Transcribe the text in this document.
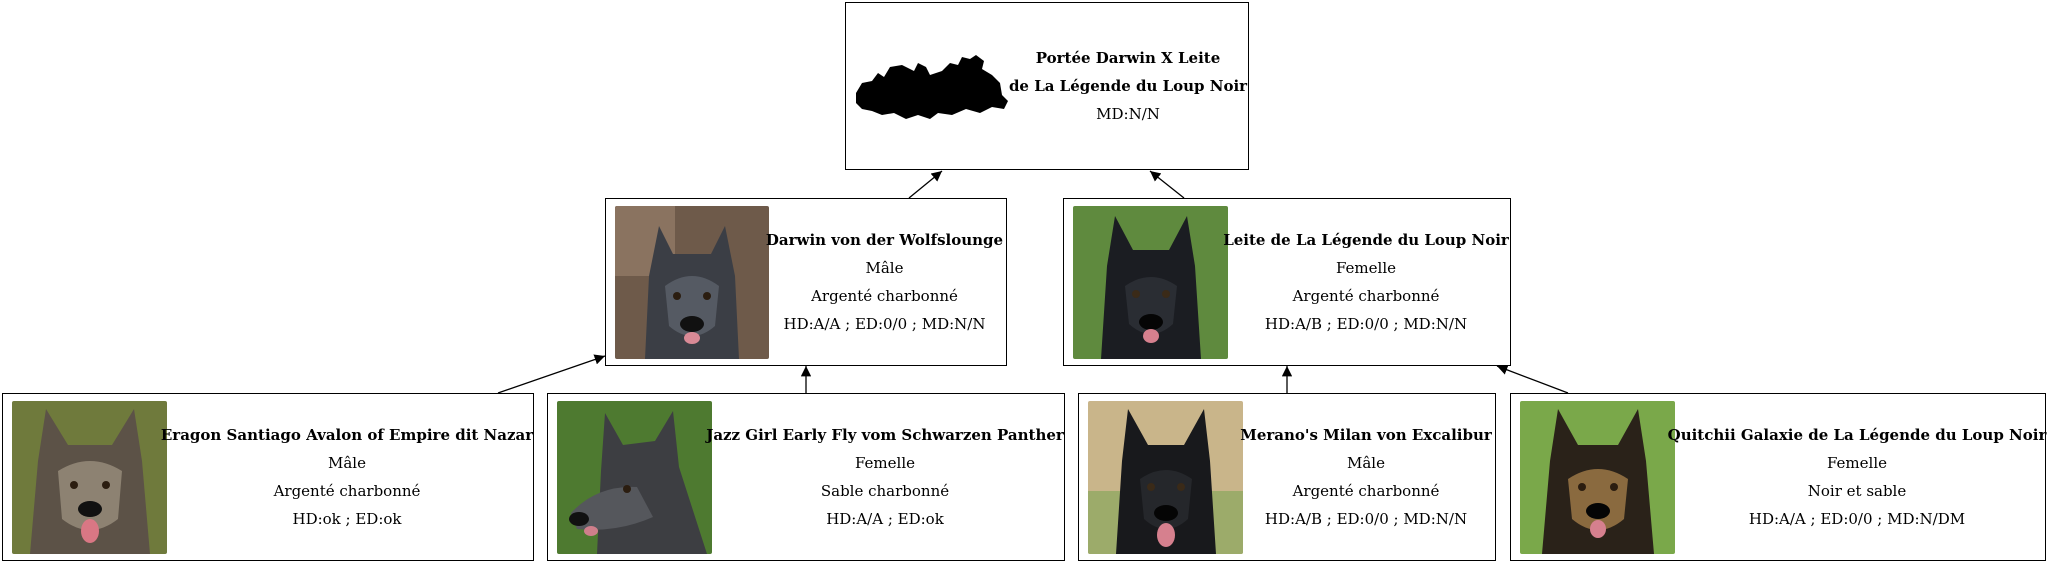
Portée Darwin X Leite
de La Légende du Loup Noir
MD:N/N
Darwin von der Wolfslounge
Mâle
Argenté charbonné
HD:A/A ; ED:0/0 ; MD:N/N
Leite de La Légende du Loup Noir
Femelle
Argenté charbonné
HD:A/B ; ED:0/0 ; MD:N/N
Eragon Santiago Avalon of Empire dit Nazar
Mâle
Argenté charbonné
HD:ok ; ED:ok
Jazz Girl Early Fly vom Schwarzen Panther
Femelle
Sable charbonné
HD:A/A ; ED:ok
Merano's Milan von Excalibur
Mâle
Argenté charbonné
HD:A/B ; ED:0/0 ; MD:N/N
Quitchii Galaxie de La Légende du Loup Noir
Femelle
Noir et sable
HD:A/A ; ED:0/0 ; MD:N/DM
